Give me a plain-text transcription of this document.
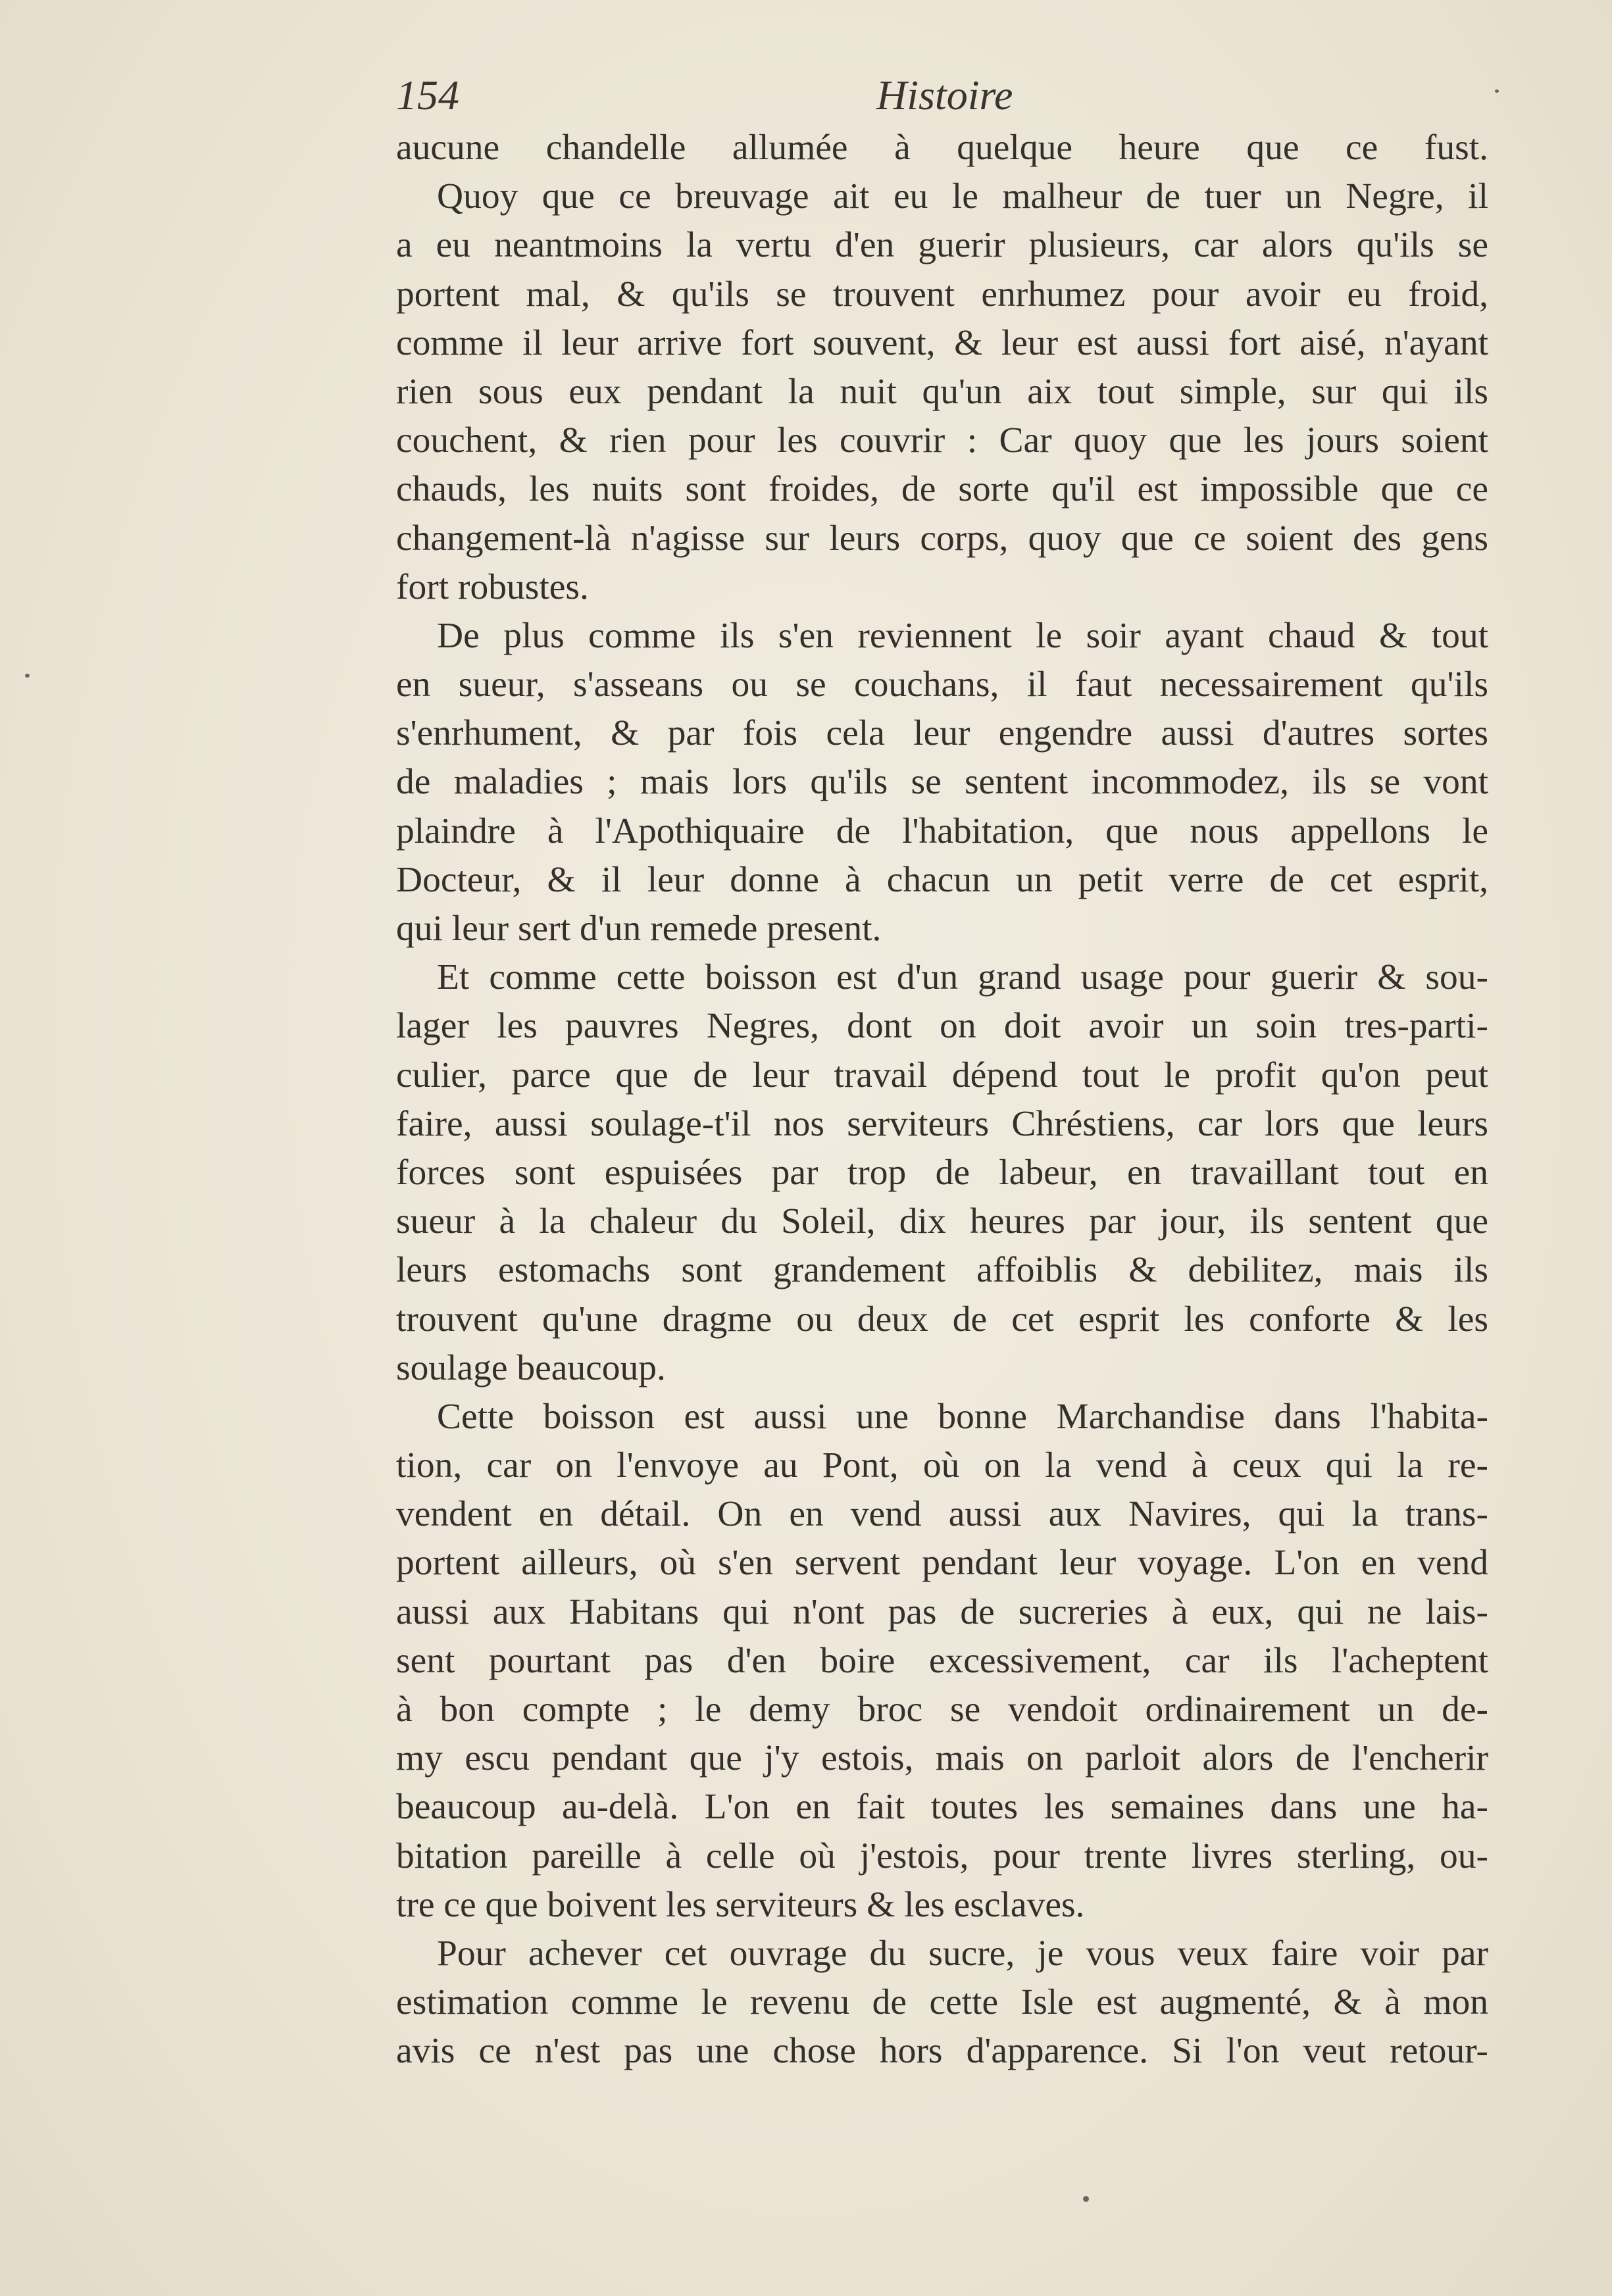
154	Histoire
aucune chandelle allumée à quelque heure que ce fust.
Quoy que ce breuvage ait eu le malheur de tuer un Negre, il
a eu neantmoins la vertu d'en guerir plusieurs, car alors qu'ils se
portent mal, & qu'ils se trouvent enrhumez pour avoir eu froid,
comme il leur arrive fort souvent, & leur est aussi fort aisé, n'ayant
rien sous eux pendant la nuit qu'un aix tout simple, sur qui ils
couchent, & rien pour les couvrir : Car quoy que les jours soient
chauds, les nuits sont froides, de sorte qu'il est impossible que ce
changement-là n'agisse sur leurs corps, quoy que ce soient des gens
fort robustes.
De plus comme ils s'en reviennent le soir ayant chaud & tout
en sueur, s'asseans ou se couchans, il faut necessairement qu'ils
s'enrhument, & par fois cela leur engendre aussi d'autres sortes
de maladies ; mais lors qu'ils se sentent incommodez, ils se vont
plaindre à l'Apothiquaire de l'habitation, que nous appellons le
Docteur, & il leur donne à chacun un petit verre de cet esprit,
qui leur sert d'un remede present.
Et comme cette boisson est d'un grand usage pour guerir & sou-
lager les pauvres Negres, dont on doit avoir un soin tres-parti-
culier, parce que de leur travail dépend tout le profit qu'on peut
faire, aussi soulage-t'il nos serviteurs Chréstiens, car lors que leurs
forces sont espuisées par trop de labeur, en travaillant tout en
sueur à la chaleur du Soleil, dix heures par jour, ils sentent que
leurs estomachs sont grandement affoiblis & debilitez, mais ils
trouvent qu'une dragme ou deux de cet esprit les conforte & les
soulage beaucoup.
Cette boisson est aussi une bonne Marchandise dans l'habita-
tion, car on l'envoye au Pont, où on la vend à ceux qui la re-
vendent en détail. On en vend aussi aux Navires, qui la trans-
portent ailleurs, où s'en servent pendant leur voyage. L'on en vend
aussi aux Habitans qui n'ont pas de sucreries à eux, qui ne lais-
sent pourtant pas d'en boire excessivement, car ils l'acheptent
à bon compte ; le demy broc se vendoit ordinairement un de-
my escu pendant que j'y estois, mais on parloit alors de l'encherir
beaucoup au-delà. L'on en fait toutes les semaines dans une ha-
bitation pareille à celle où j'estois, pour trente livres sterling, ou-
tre ce que boivent les serviteurs & les esclaves.
Pour achever cet ouvrage du sucre, je vous veux faire voir par
estimation comme le revenu de cette Isle est augmenté, & à mon
avis ce n'est pas une chose hors d'apparence. Si l'on veut retour-
